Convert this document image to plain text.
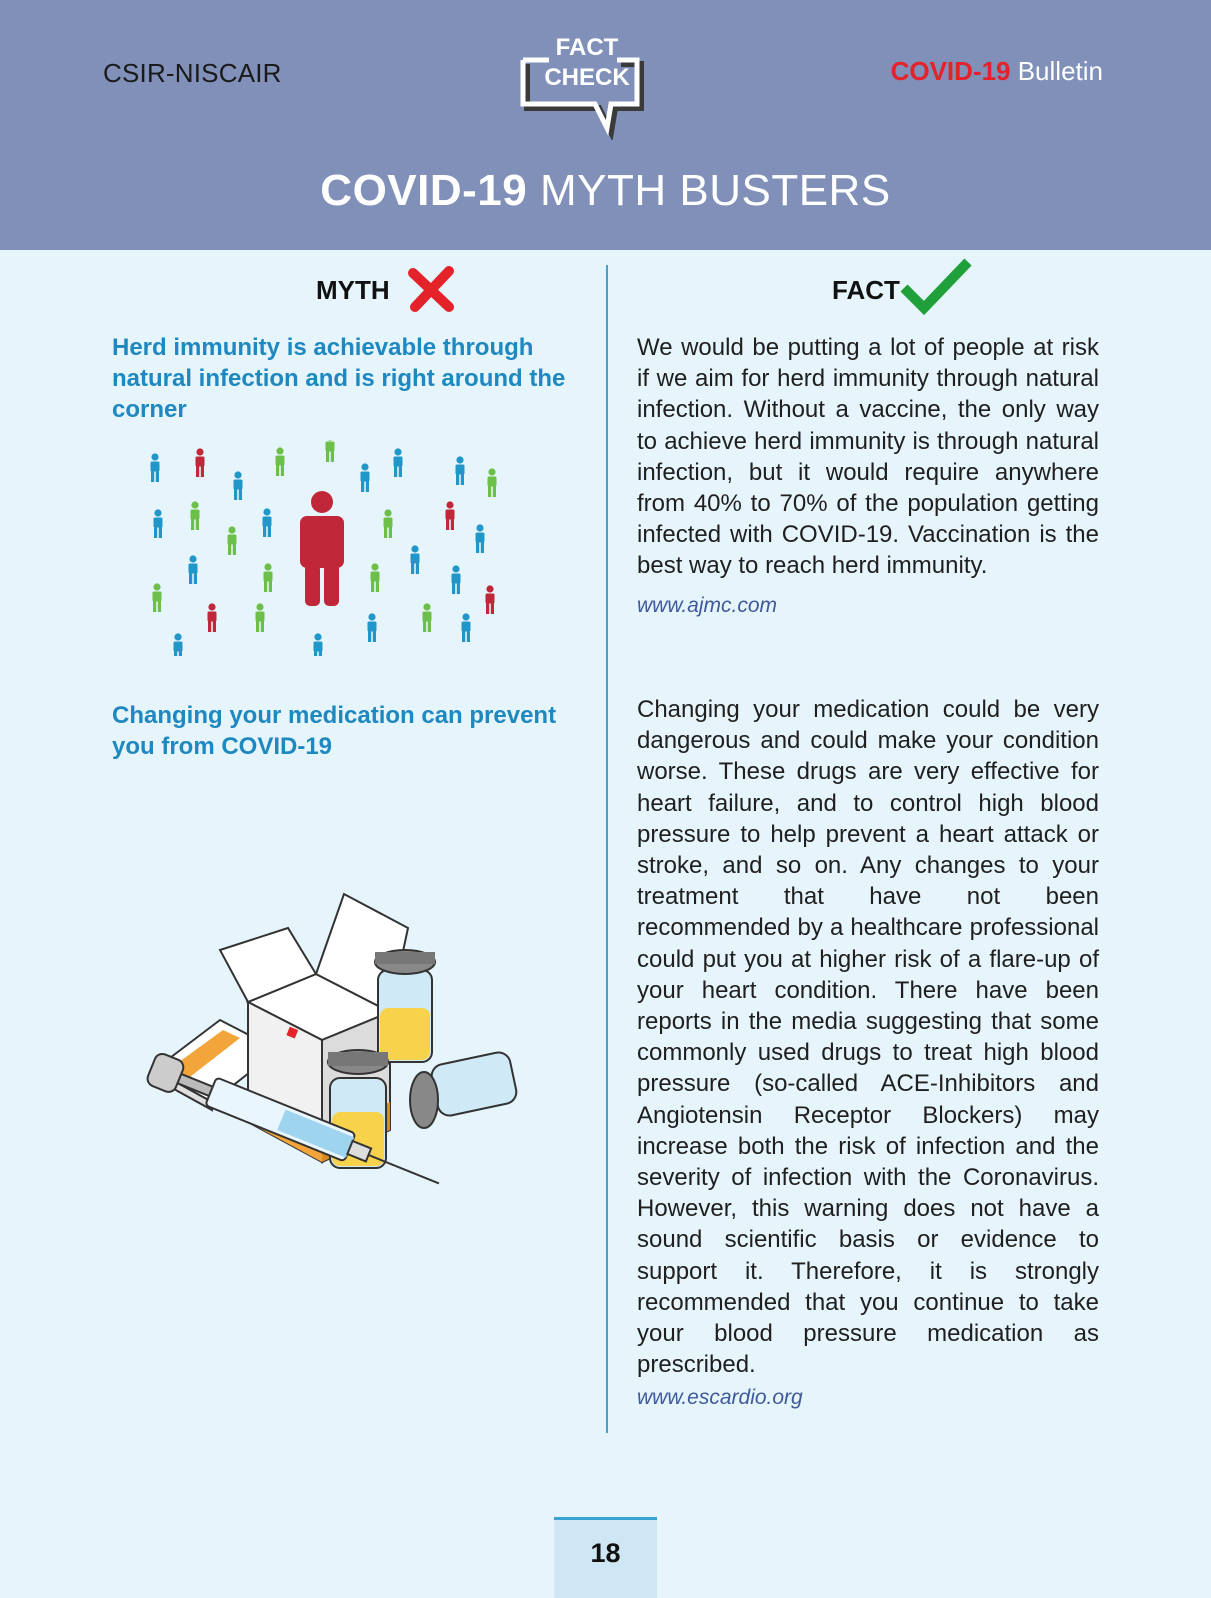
CSIR-NISCAIR
FACT
CHECK	COVID-19 Bulletin
COVID-19 MYTH BUSTERS
MYTH	FACT
Herd immunity is achievable through natural infection and is right around the corner
We would be putting a lot of people at risk if we aim for herd immunity through natural infection. Without a vaccine, the only way to achieve herd immunity is through natural infection, but it would require anywhere from 40% to 70% of the population getting infected with COVID-19. Vaccination is the best way to reach herd immunity.
www.ajmc.com
Changing your medication can prevent you from COVID-19
Changing your medication could be very dangerous and could make your condition worse. These drugs are very effective for heart failure, and to control high blood pressure to help prevent a heart attack or stroke, and so on. Any changes to your treatment that have not been recommended by a healthcare professional could put you at higher risk of a flare-up of your heart condition. There have been reports in the media suggesting that some commonly used drugs to treat high blood pressure (so-called ACE-Inhibitors and Angiotensin Receptor Blockers) may increase both the risk of infection and the severity of infection with the Coronavirus. However, this warning does not have a sound scientific basis or evidence to support it. Therefore, it is strongly recommended that you continue to take your blood pressure medication as prescribed.
www.escardio.org
18
